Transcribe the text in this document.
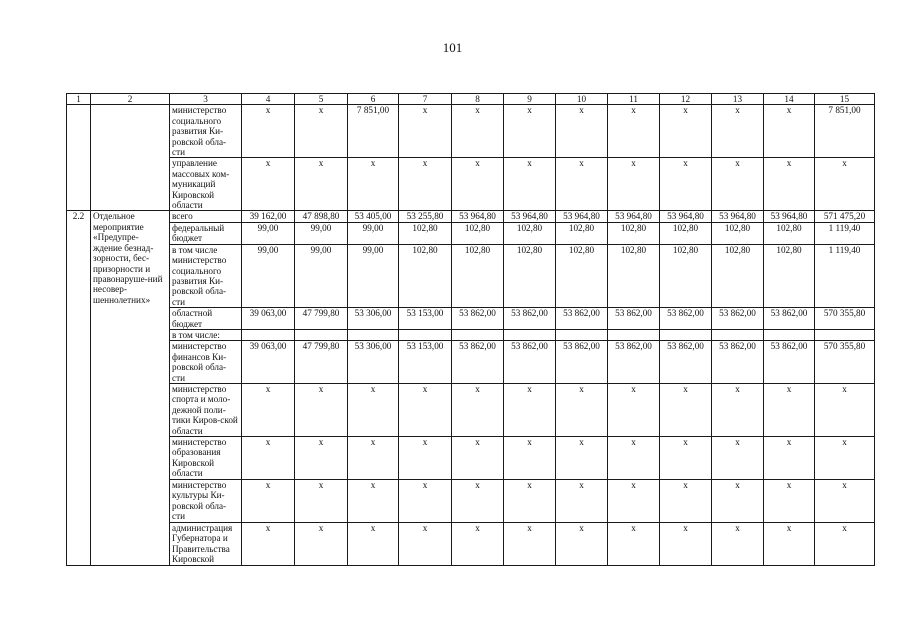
101
1	2	3	4	5	6	7	8	9	10	11	12	13	14	15
		министерство социального развития Ки-ровской обла-сти	х	х	7 851,00	х	х	х	х	х	х	х	х	7 851,00
		управление массовых ком-муникаций Кировской области	х	х	х	х	х	х	х	х	х	х	х	х
2.2	Отдельное мероприятие «Предупре-ждение безнад-зорности, бес-призорности и правонаруше-ний несовер-шеннолетних»	всего	39 162,00	47 898,80	53 405,00	53 255,80	53 964,80	53 964,80	53 964,80	53 964,80	53 964,80	53 964,80	53 964,80	571 475,20
		федеральный бюджет	99,00	99,00	99,00	102,80	102,80	102,80	102,80	102,80	102,80	102,80	102,80	1 119,40
		в том числе министерство социального развития Ки-ровской обла-сти	99,00	99,00	99,00	102,80	102,80	102,80	102,80	102,80	102,80	102,80	102,80	1 119,40
		областной бюджет	39 063,00	47 799,80	53 306,00	53 153,00	53 862,00	53 862,00	53 862,00	53 862,00	53 862,00	53 862,00	53 862,00	570 355,80
		в том числе:												
		министерство финансов Ки-ровской обла-сти	39 063,00	47 799,80	53 306,00	53 153,00	53 862,00	53 862,00	53 862,00	53 862,00	53 862,00	53 862,00	53 862,00	570 355,80
		министерство спорта и моло-дежной поли-тики Киров-ской области	х	х	х	х	х	х	х	х	х	х	х	х
		министерство образования Кировской области	х	х	х	х	х	х	х	х	х	х	х	х
		министерство культуры Ки-ровской обла-сти	х	х	х	х	х	х	х	х	х	х	х	х
		администрация Губернатора и Правительства Кировской	х	х	х	х	х	х	х	х	х	х	х	х
